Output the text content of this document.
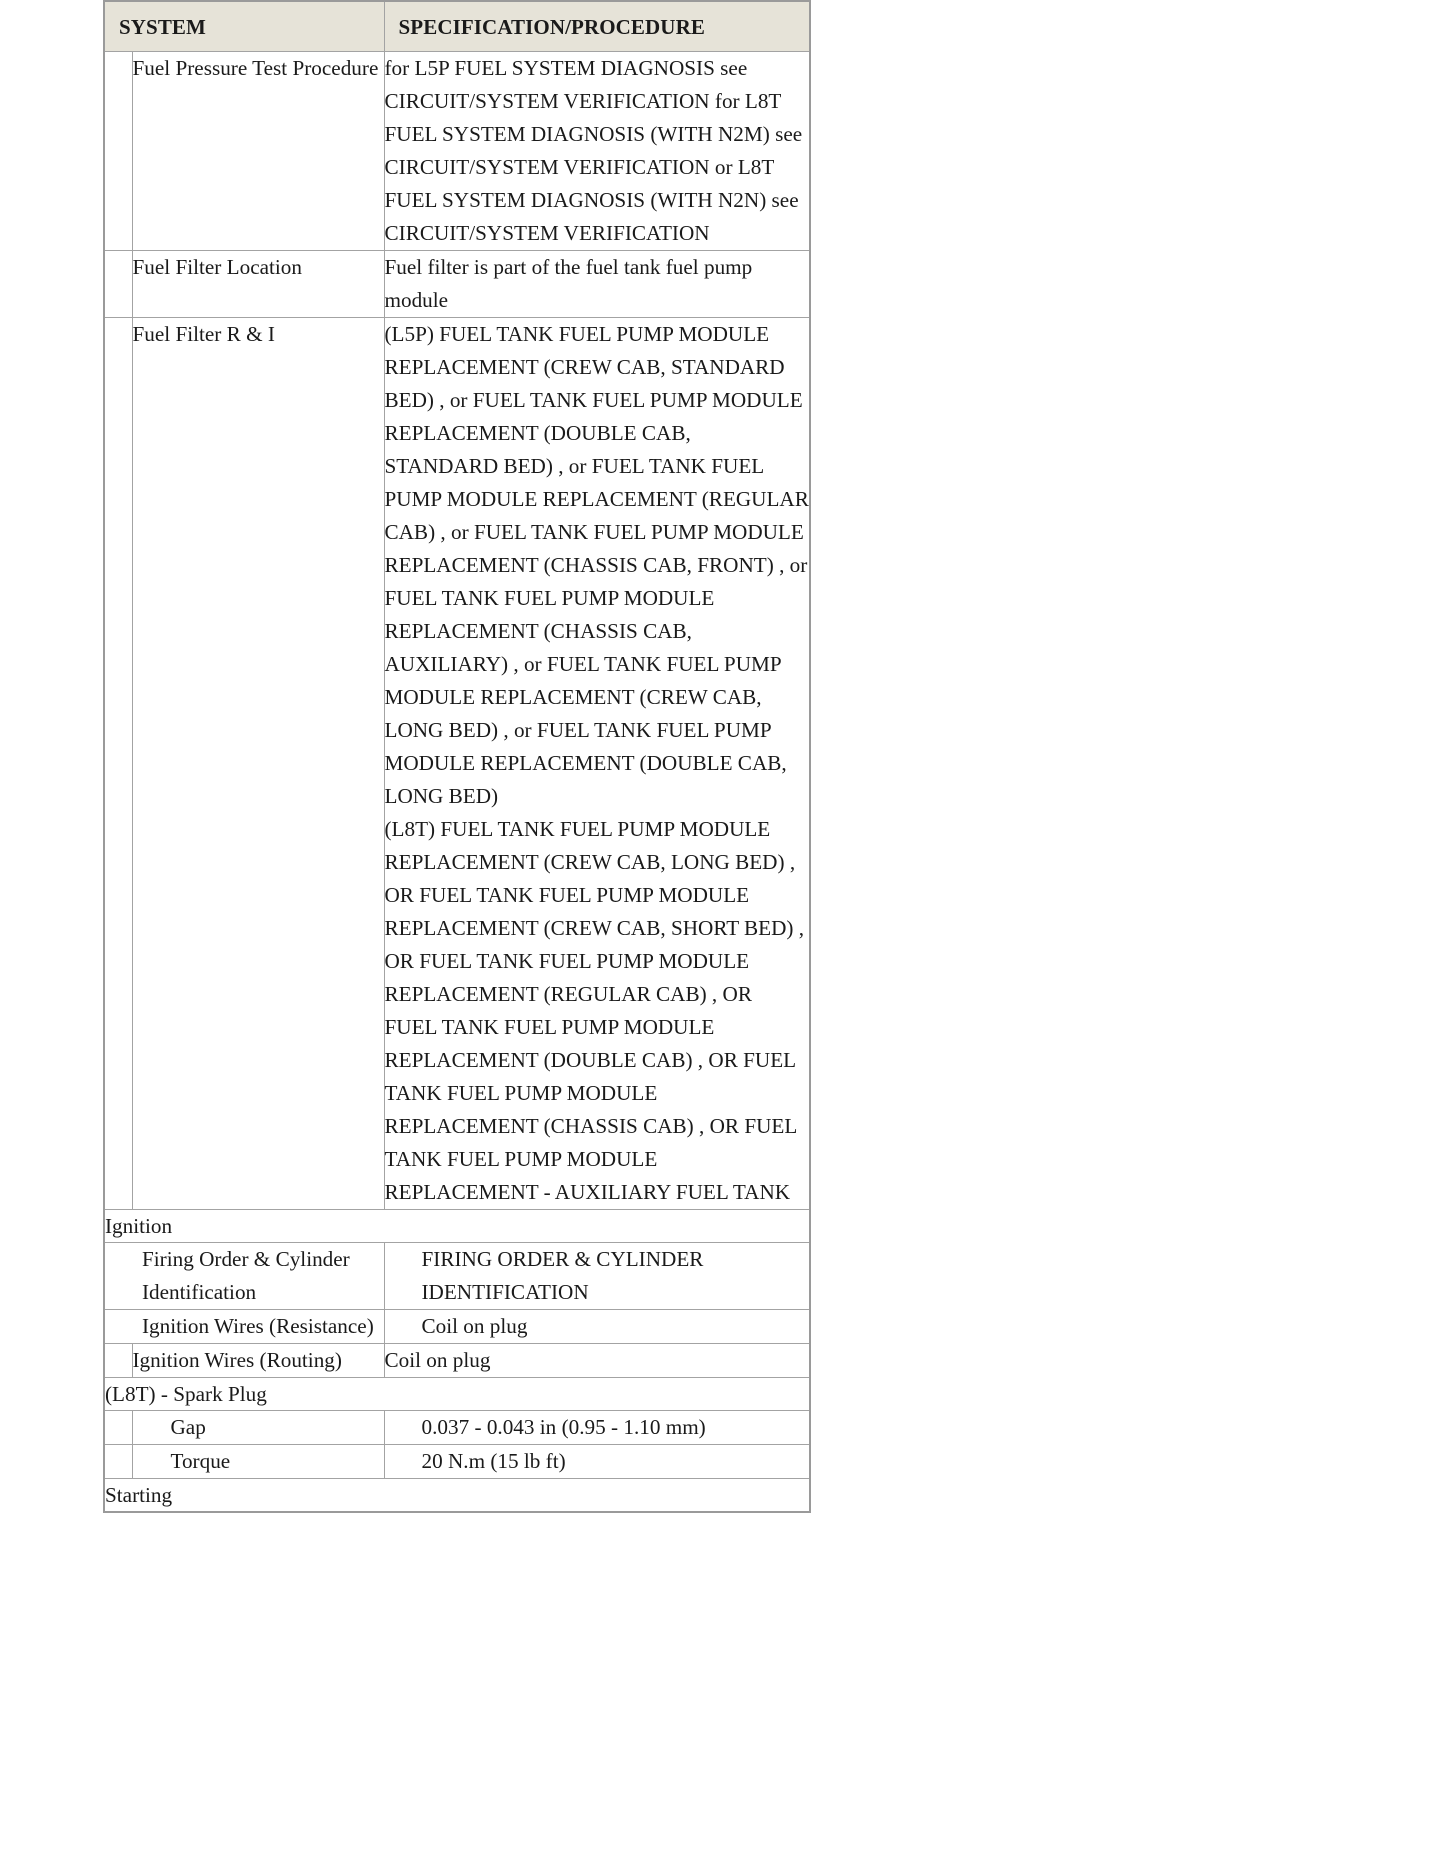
SYSTEM		SPECIFICATION/PROCEDURE
	Fuel Pressure Test Procedure	for L5P FUEL SYSTEM DIAGNOSIS see CIRCUIT/SYSTEM VERIFICATION for L8T FUEL SYSTEM DIAGNOSIS (WITH N2M) see CIRCUIT/SYSTEM VERIFICATION or L8T FUEL SYSTEM DIAGNOSIS (WITH N2N) see CIRCUIT/SYSTEM VERIFICATION
	Fuel Filter Location	Fuel filter is part of the fuel tank fuel pump module
	Fuel Filter R & I	(L5P) FUEL TANK FUEL PUMP MODULE REPLACEMENT (CREW CAB, STANDARD BED) , or FUEL TANK FUEL PUMP MODULE REPLACEMENT (DOUBLE CAB, STANDARD BED) , or FUEL TANK FUEL PUMP MODULE REPLACEMENT (REGULAR CAB) , or FUEL TANK FUEL PUMP MODULE REPLACEMENT (CHASSIS CAB, FRONT) , or FUEL TANK FUEL PUMP MODULE REPLACEMENT (CHASSIS CAB, AUXILIARY) , or FUEL TANK FUEL PUMP MODULE REPLACEMENT (CREW CAB, LONG BED) , or FUEL TANK FUEL PUMP MODULE REPLACEMENT (DOUBLE CAB, LONG BED)
(L8T) FUEL TANK FUEL PUMP MODULE REPLACEMENT (CREW CAB, LONG BED) , OR FUEL TANK FUEL PUMP MODULE REPLACEMENT (CREW CAB, SHORT BED) , OR FUEL TANK FUEL PUMP MODULE REPLACEMENT (REGULAR CAB) , OR FUEL TANK FUEL PUMP MODULE REPLACEMENT (DOUBLE CAB) , OR FUEL TANK FUEL PUMP MODULE REPLACEMENT (CHASSIS CAB) , OR FUEL TANK FUEL PUMP MODULE REPLACEMENT - AUXILIARY FUEL TANK

Ignition		
Firing Order & Cylinder Identification		FIRING ORDER & CYLINDER IDENTIFICATION
Ignition Wires (Resistance)		Coil on plug
	Ignition Wires (Routing)	Coil on plug
(L8T) - Spark Plug		
	Gap	0.037 - 0.043 in (0.95 - 1.10 mm)
	Torque	20 N.m (15 lb ft)
Starting		
